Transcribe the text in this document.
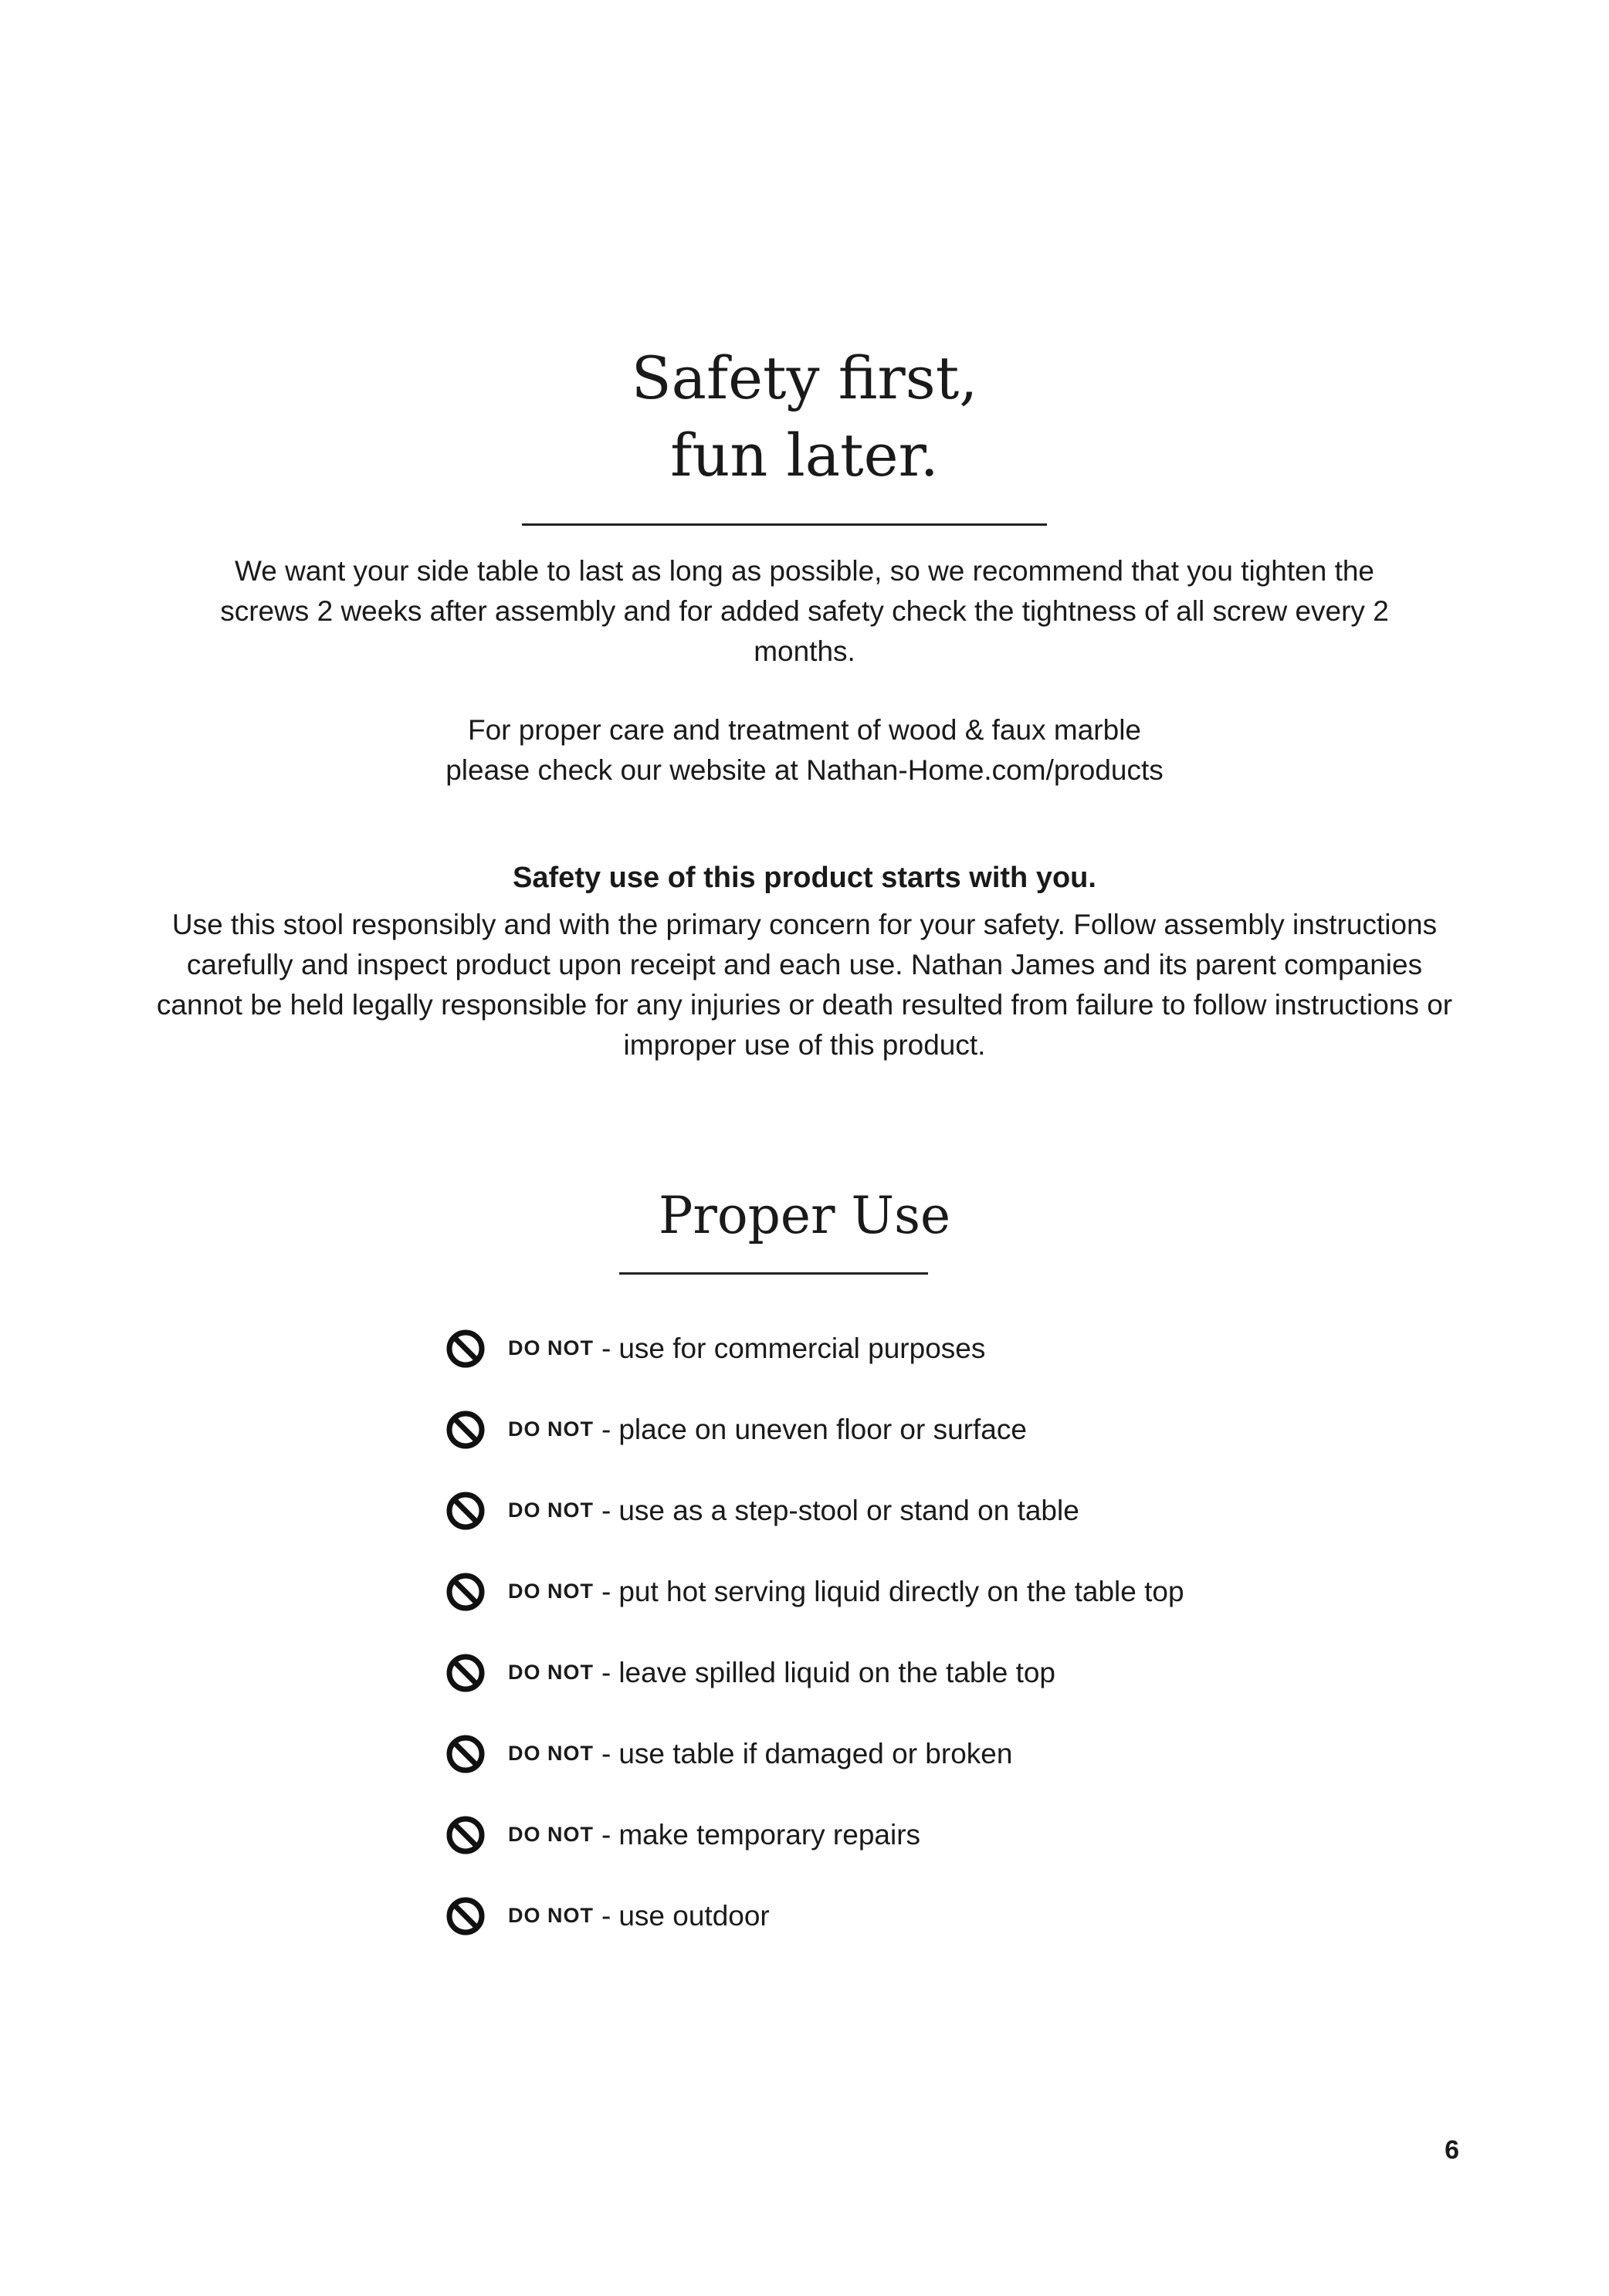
Safety first,
fun later.

We want your side table to last as long as possible, so we recommend that you tighten the screws 2 weeks after assembly and for added safety check the tightness of all screw every 2 months.

For proper care and treatment of wood & faux marble
please check our website at Nathan-Home.com/products

Safety use of this product starts with you.

Use this stool responsibly and with the primary concern for your safety. Follow assembly instructions carefully and inspect product upon receipt and each use. Nathan James and its parent companies cannot be held legally responsible for any injuries or death resulted from failure to follow instructions or improper use of this product.

Proper Use
DO NOT - use for commercial purposes
DO NOT - place on uneven floor or surface
DO NOT - use as a step-stool or stand on table
DO NOT - put hot serving liquid directly on the table top
DO NOT - leave spilled liquid on the table top
DO NOT - use table if damaged or broken
DO NOT - make temporary repairs
DO NOT - use outdoor

6
